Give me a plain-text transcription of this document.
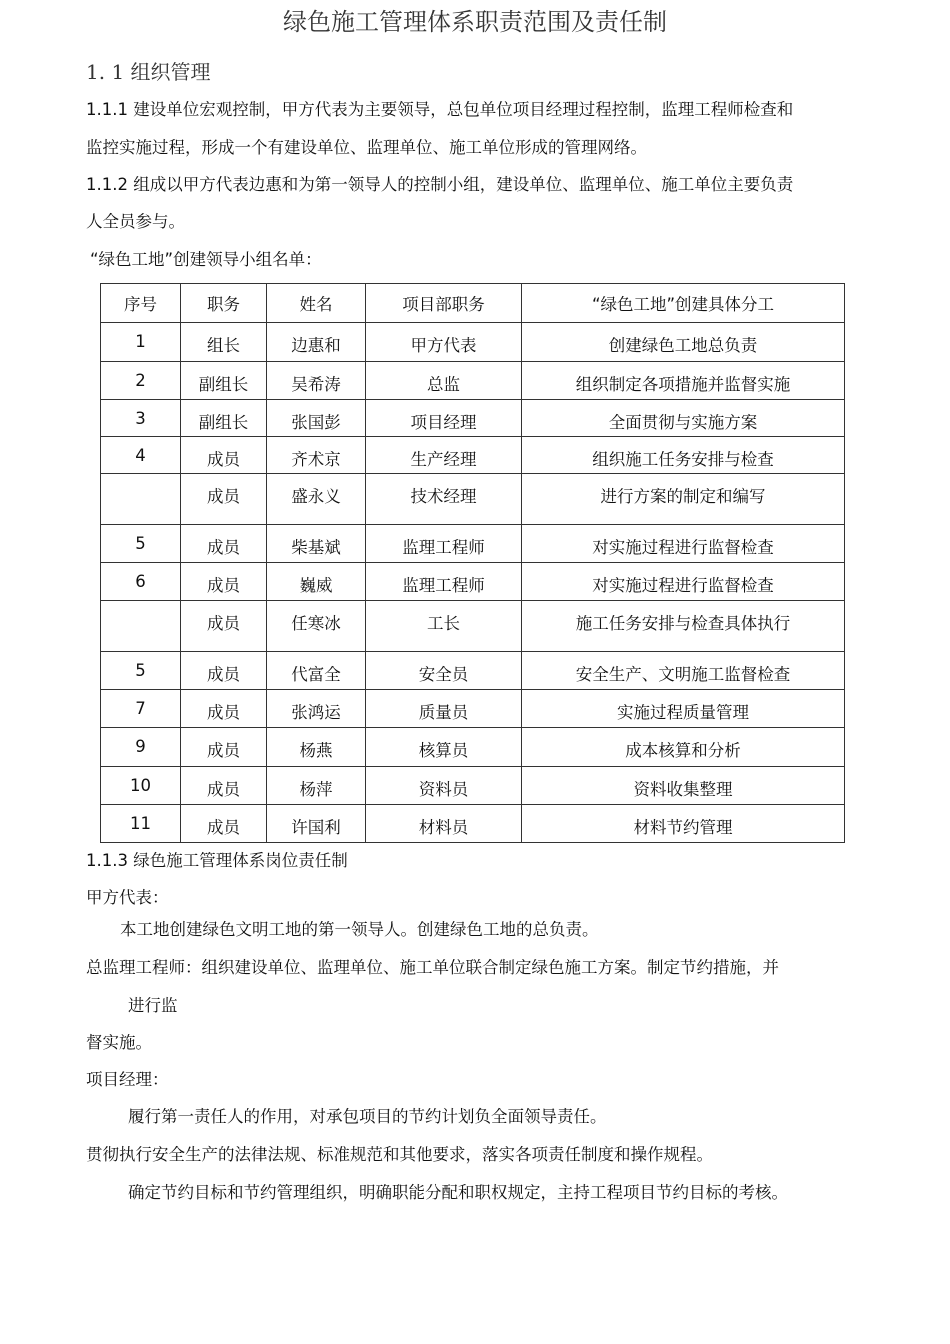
绿色施工管理体系职责范围及责任制
1. 1 组织管理
1.1.1 建设单位宏观控制，甲方代表为主要领导，总包单位项目经理过程控制，监理工程师检查和
监控实施过程，形成一个有建设单位、监理单位、施工单位形成的管理网络。
1.1.2 组成以甲方代表边惠和为第一领导人的控制小组，建设单位、监理单位、施工单位主要负责
人全员参与。
“绿色工地”创建领导小组名单：
序号	职务	姓名	项目部职务	“绿色工地”创建具体分工
1	组长	边惠和	甲方代表	创建绿色工地总负责
2	副组长	吴希涛	总监	组织制定各项措施并监督实施
3	副组长	张国彭	项目经理	全面贯彻与实施方案
4	成员	齐术京	生产经理	组织施工任务安排与检查
	成员	盛永义	技术经理	进行方案的制定和编写
5	成员	柴基斌	监理工程师	对实施过程进行监督检查
6	成员	巍威	监理工程师	对实施过程进行监督检查
	成员	任寒冰	工长	施工任务安排与检查具体执行
5	成员	代富全	安全员	安全生产、文明施工监督检查
7	成员	张鸿运	质量员	实施过程质量管理
9	成员	杨燕	核算员	成本核算和分析
10	成员	杨萍	资料员	资料收集整理
11	成员	许国利	材料员	材料节约管理
1.1.3 绿色施工管理体系岗位责任制
甲方代表：
本工地创建绿色文明工地的第一领导人。创建绿色工地的总负责。
总监理工程师：组织建设单位、监理单位、施工单位联合制定绿色施工方案。制定节约措施，并
进行监
督实施。
项目经理：
履行第一责任人的作用，对承包项目的节约计划负全面领导责任。
贯彻执行安全生产的法律法规、标准规范和其他要求，落实各项责任制度和操作规程。
确定节约目标和节约管理组织，明确职能分配和职权规定，主持工程项目节约目标的考核。
